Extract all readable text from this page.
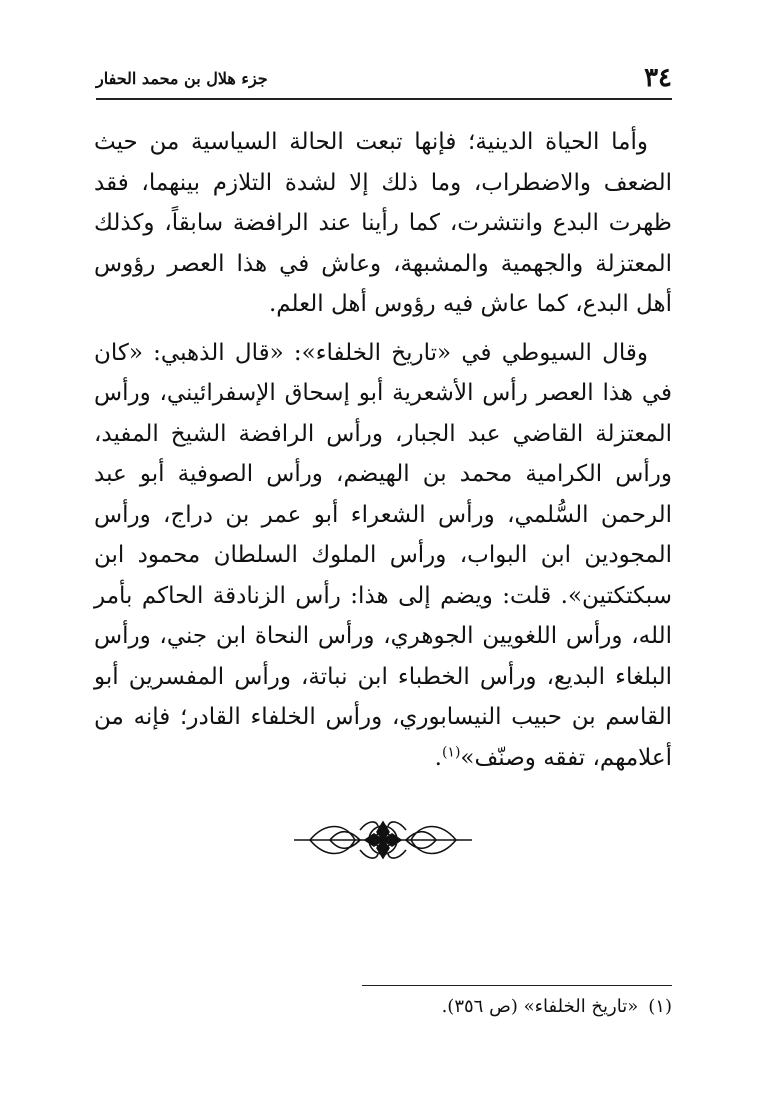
٣٤
جزء هلال بن محمد الحفار

وأما الحياة الدينية؛ فإنها تبعت الحالة السياسية من حيث الضعف والاضطراب، وما ذلك إلا لشدة التلازم بينهما، فقد ظهرت البدع وانتشرت، كما رأينا عند الرافضة سابقاً، وكذلك المعتزلة والجهمية والمشبهة، وعاش في هذا العصر رؤوس أهل البدع، كما عاش فيه رؤوس أهل العلم.

وقال السيوطي في «تاريخ الخلفاء»: «قال الذهبي: «كان في هذا العصر رأس الأشعرية أبو إسحاق الإسفرائيني، ورأس المعتزلة القاضي عبد الجبار، ورأس الرافضة الشيخ المفيد، ورأس الكرامية محمد بن الهيضم، ورأس الصوفية أبو عبد الرحمن السُّلمي، ورأس الشعراء أبو عمر بن دراج، ورأس المجودين ابن البواب، ورأس الملوك السلطان محمود ابن سبكتكتين». قلت: ويضم إلى هذا: رأس الزنادقة الحاكم بأمر الله، ورأس اللغويين الجوهري، ورأس النحاة ابن جني، ورأس البلغاء البديع، ورأس الخطباء ابن نباتة، ورأس المفسرين أبو القاسم بن حبيب النيسابوري، ورأس الخلفاء القادر؛ فإنه من أعلامهم، تفقه وصنّف»$^{(١)}$.

(١)«تاريخ الخلفاء» (ص ٣٥٦).
